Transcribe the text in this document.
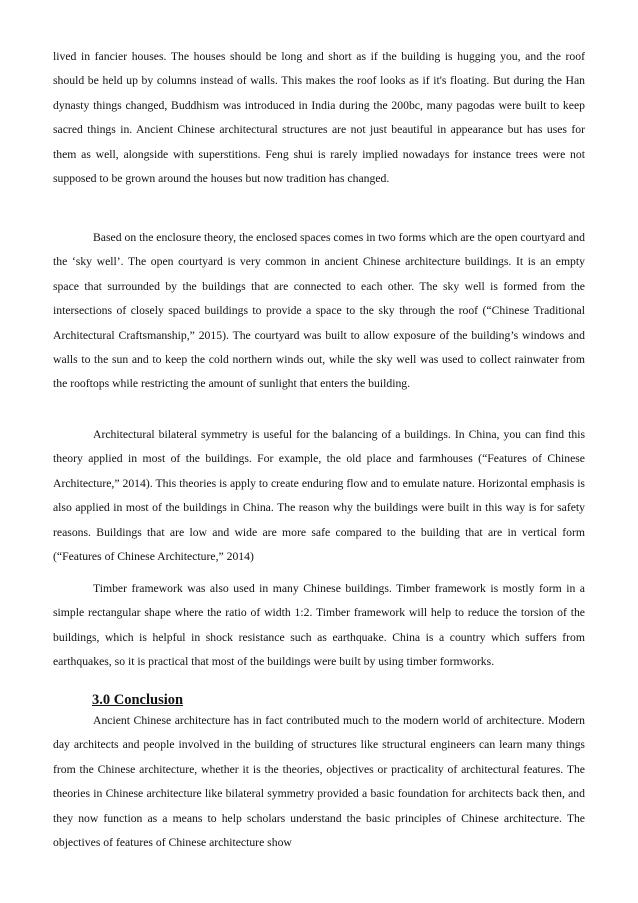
lived in fancier houses. The houses should be long and short as if the building is hugging you, and the roof should be held up by columns instead of walls. This makes the roof looks as if it's floating. But during the Han dynasty things changed, Buddhism was introduced in India during the 200bc, many pagodas were built to keep sacred things in. Ancient Chinese architectural structures are not just beautiful in appearance but has uses for them as well, alongside with superstitions. Feng shui is rarely implied nowadays for instance trees were not supposed to be grown around the houses but now tradition has changed.

Based on the enclosure theory, the enclosed spaces comes in two forms which are the open courtyard and the ‘sky well’. The open courtyard is very common in ancient Chinese architecture buildings. It is an empty space that surrounded by the buildings that are connected to each other. The sky well is formed from the intersections of closely spaced buildings to provide a space to the sky through the roof (“Chinese Traditional Architectural Craftsmanship,” 2015). The courtyard was built to allow exposure of the building’s windows and walls to the sun and to keep the cold northern winds out, while the sky well was used to collect rainwater from the rooftops while restricting the amount of sunlight that enters the building.

Architectural bilateral symmetry is useful for the balancing of a buildings. In China, you can find this theory applied in most of the buildings. For example, the old place and farmhouses (“Features of Chinese Architecture,” 2014). This theories is apply to create enduring flow and to emulate nature. Horizontal emphasis is also applied in most of the buildings in China. The reason why the buildings were built in this way is for safety reasons. Buildings that are low and wide are more safe compared to the building that are in vertical form (“Features of Chinese Architecture,” 2014)

Timber framework was also used in many Chinese buildings. Timber framework is mostly form in a simple rectangular shape where the ratio of width 1:2. Timber framework will help to reduce the torsion of the buildings, which is helpful in shock resistance such as earthquake. China is a country which suffers from earthquakes, so it is practical that most of the buildings were built by using timber formworks.

3.0 Conclusion

Ancient Chinese architecture has in fact contributed much to the modern world of architecture. Modern day architects and people involved in the building of structures like structural engineers can learn many things from the Chinese architecture, whether it is the theories, objectives or practicality of architectural features. The theories in Chinese architecture like bilateral symmetry provided a basic foundation for architects back then, and they now function as a means to help scholars understand the basic principles of Chinese architecture. The objectives of features of Chinese architecture show
